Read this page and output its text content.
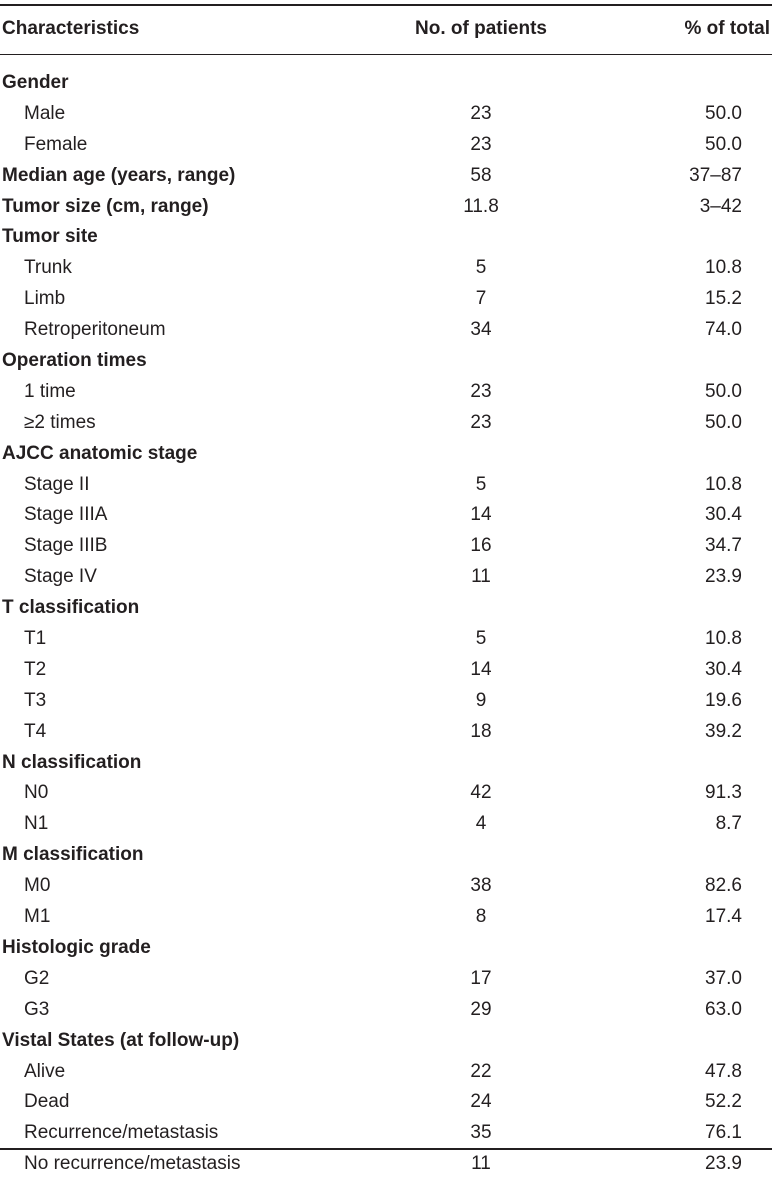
Characteristics	No. of patients	% of total
Gender
Male	23	50.0
Female	23	50.0
Median age (years, range)	58	37–87
Tumor size (cm, range)	11.8	3–42
Tumor site
Trunk	5	10.8
Limb	7	15.2
Retroperitoneum	34	74.0
Operation times
1 time	23	50.0
≥2 times	23	50.0
AJCC anatomic stage
Stage II	5	10.8
Stage IIIA	14	30.4
Stage IIIB	16	34.7
Stage IV	11	23.9
T classification
T1	5	10.8
T2	14	30.4
T3	9	19.6
T4	18	39.2
N classification
N0	42	91.3
N1	4	8.7
M classification
M0	38	82.6
M1	8	17.4
Histologic grade
G2	17	37.0
G3	29	63.0
Vistal States (at follow-up)
Alive	22	47.8
Dead	24	52.2
Recurrence/metastasis	35	76.1
No recurrence/metastasis	11	23.9
